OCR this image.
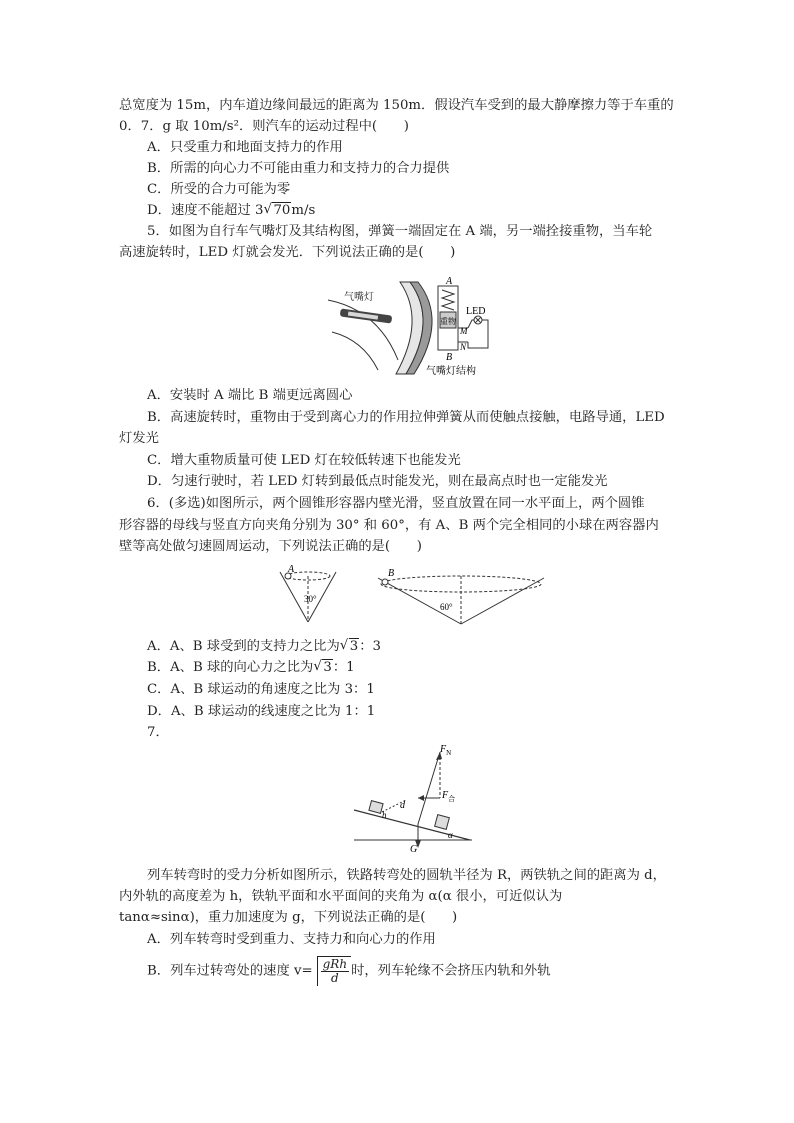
总宽度为 15m，内车道边缘间最远的距离为 150m．假设汽车受到的最大静摩擦力等于车重的
0．7．g 取 10m/s²．则汽车的运动过程中(　　)
A．只受重力和地面支持力的作用
B．所需的向心力不可能由重力和支持力的合力提供
C．所受的合力可能为零
D．速度不能超过 3 √ 70m/s
5．如图为自行车气嘴灯及其结构图，弹簧一端固定在 A 端，另一端拴接重物，当车轮
高速旋转时，LED 灯就会发光．下列说法正确的是(　　)
气嘴灯
A
B
重物
M
N
LED
气嘴灯结构
A．安装时 A 端比 B 端更远离圆心
B．高速旋转时，重物由于受到离心力的作用拉伸弹簧从而使触点接触，电路导通，LED
灯发光
C．增大重物质量可使 LED 灯在较低转速下也能发光
D．匀速行驶时，若 LED 灯转到最低点时能发光，则在最高点时也一定能发光
6．(多选)如图所示，两个圆锥形容器内壁光滑，竖直放置在同一水平面上，两个圆锥
形容器的母线与竖直方向夹角分别为 30° 和 60°，有 A、B 两个完全相同的小球在两容器内
壁等高处做匀速圆周运动，下列说法正确的是(　　)
A
30°
B
60°
A．A、B 球受到的支持力之比为 √ 3：3
B．A、B 球的向心力之比为 √ 3：1
C．A、B 球运动的角速度之比为 3：1
D．A、B 球运动的线速度之比为 1：1
7．
$F_N$
$F_合$
d
h
G
α
列车转弯时的受力分析如图所示，铁路转弯处的圆轨半径为 R，两铁轨之间的距离为 d，
内外轨的高度差为 h，铁轨平面和水平面间的夹角为 α(α 很小，可近似认为
tanα≈sinα)，重力加速度为 g，下列说法正确的是(　　)
A．列车转弯时受到重力、支持力和向心力的作用
B．列车过转弯处的速度 $v= \frac{\text{gRh}}{d}$ 时，列车轮缘不会挤压内轨和外轨
